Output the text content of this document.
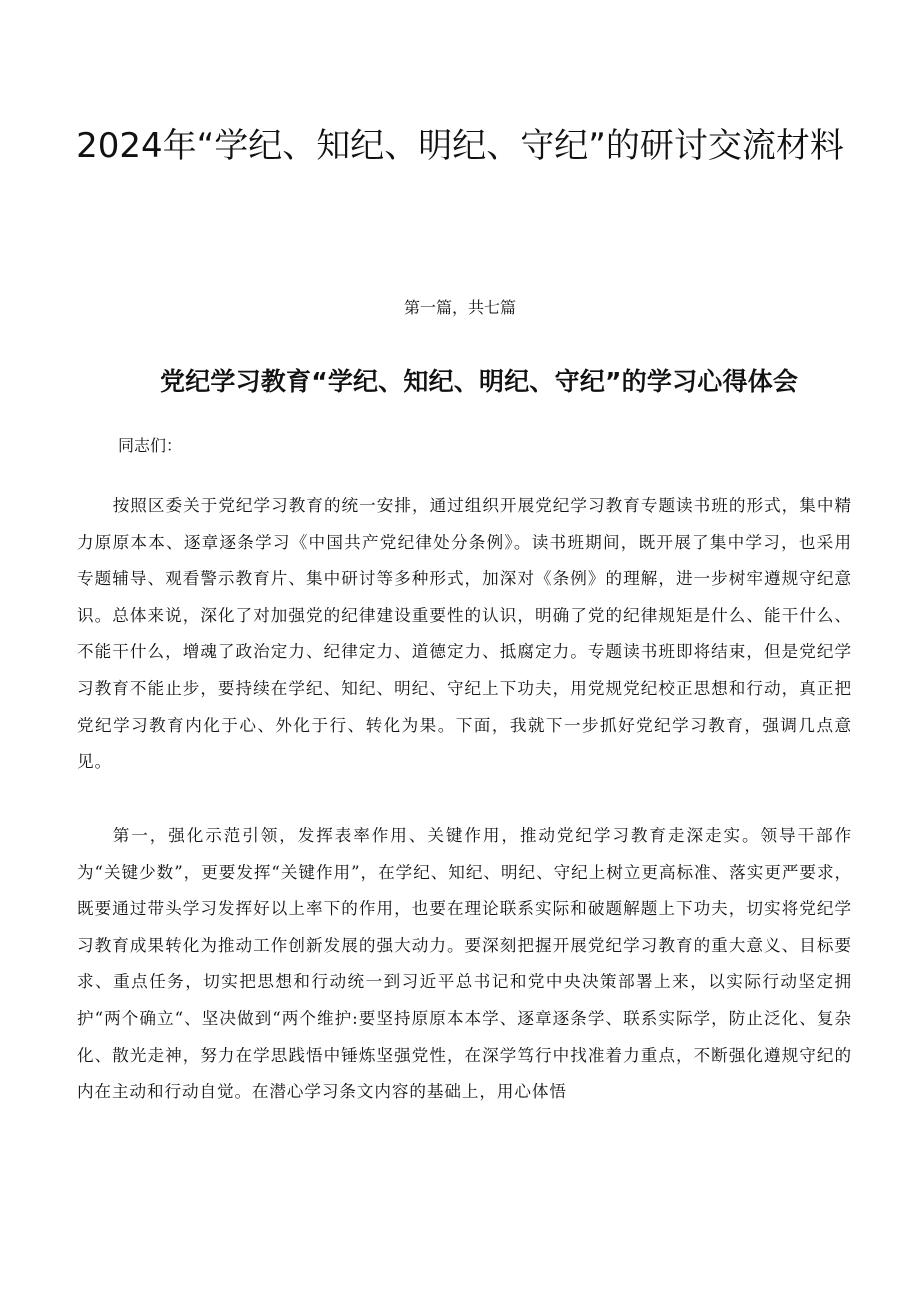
2024年“学纪、知纪、明纪、守纪”的研讨交流材料

第一篇，共七篇

党纪学习教育“学纪、知纪、明纪、守纪”的学习心得体会

同志们：

按照区委关于党纪学习教育的统一安排，通过组织开展党纪学习教育专题读书班的形式，集中精力原原本本、逐章逐条学习《中国共产党纪律处分条例》。读书班期间，既开展了集中学习，也采用专题辅导、观看警示教育片、集中研讨等多种形式，加深对《条例》的理解，进一步树牢遵规守纪意识。总体来说，深化了对加强党的纪律建设重要性的认识，明确了党的纪律规矩是什么、能干什么、不能干什么，增魂了政治定力、纪律定力、道德定力、抵腐定力。专题读书班即将结束，但是党纪学习教育不能止步，要持续在学纪、知纪、明纪、守纪上下功夫，用党规党纪校正思想和行动，真正把党纪学习教育内化于心、外化于行、转化为果。下面，我就下一步抓好党纪学习教育，强调几点意见。

第一，强化示范引领，发挥表率作用、关键作用，推动党纪学习教育走深走实。领导干部作为“关键少数”，更要发挥“关键作用”，在学纪、知纪、明纪、守纪上树立更高标准、落实更严要求，既要通过带头学习发挥好以上率下的作用，也要在理论联系实际和破题解题上下功夫，切实将党纪学习教育成果转化为推动工作创新发展的强大动力。要深刻把握开展党纪学习教育的重大意义、目标要求、重点任务，切实把思想和行动统一到习近平总书记和党中央决策部署上来，以实际行动坚定拥护“两个确立“、坚决做到“两个维护:要坚持原原本本学、逐章逐条学、联系实际学，防止泛化、复杂化、散光走神，努力在学思践悟中锤炼坚强党性，在深学笃行中找准着力重点，不断强化遵规守纪的内在主动和行动自觉。在潜心学习条文内容的基础上，用心体悟
